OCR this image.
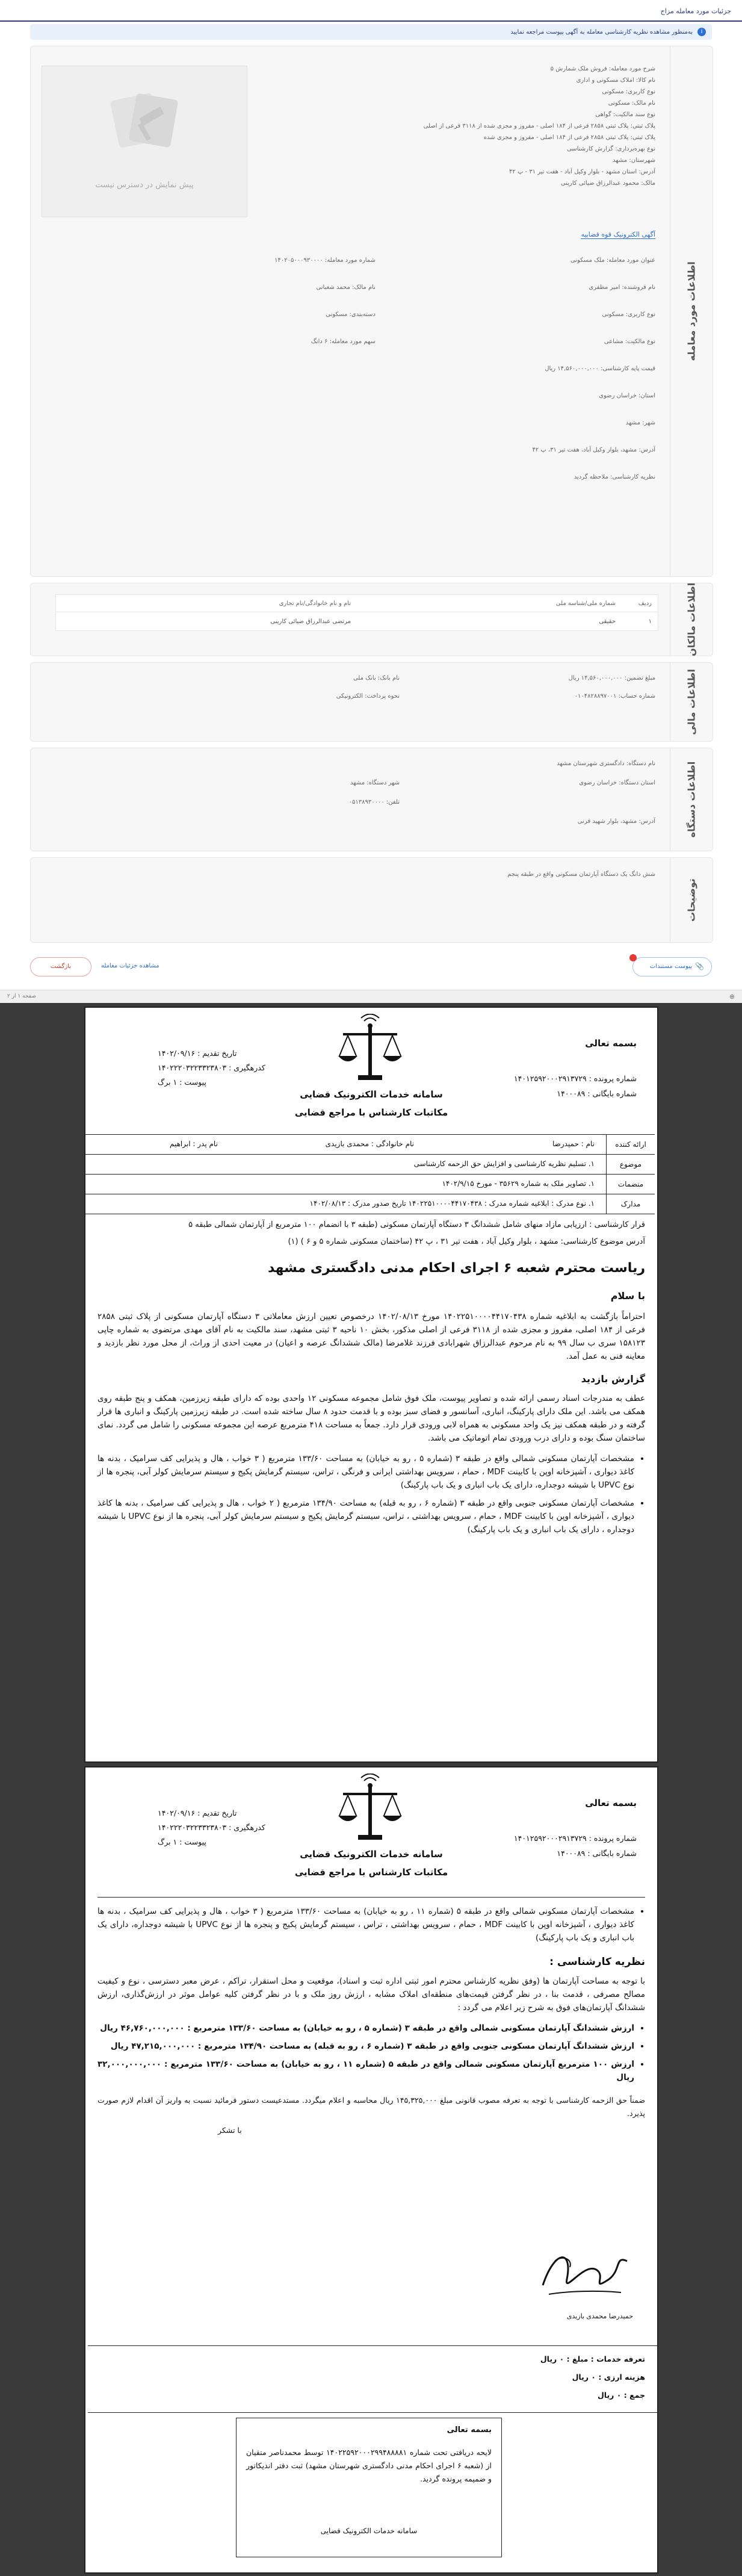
جزئیات مورد معامله مزاج
i
به‌منظور مشاهده نظریه کارشناسی معامله به آگهی پیوست مراجعه نمایید
اطلاعات مورد معامله
پیش نمایش در دسترس نیست
شرح مورد معامله: فروش ملک شمارش ۵
نام کالا: املاک مسکونی و اداری
نوع کاربری: مسکونی
نام مالک: مسکونی
نوع سند مالکیت: گواهی
پلاک ثبتی: پلاک ثبتی ۲۸۵۸ فرعی از ۱۸۴ اصلی - مفروز و مجزی شده از ۳۱۱۸ فرعی از اصلی
پلاک ثبتی: پلاک ثبتی ۲۸۵۸ فرعی از ۱۸۴ اصلی - مفروز و مجزی شده
نوع بهره‌برداری: گزارش کارشناسی
شهرستان: مشهد
آدرس: استان مشهد - بلوار وکیل آباد - هفت تیر ۳۱ - پ ۴۲
مالک: محمود عبدالرزاق ضیائی کارینی
آگهی الکترونیک قوه قضاییه
عنوان مورد معامله: ملک مسکونی
نام فروشنده: امیر مظفری
نوع کاربری: مسکونی
نوع مالکیت: مشاعی
قیمت پایه کارشناسی: ۱۴,۵۶۰,۰۰۰,۰۰۰ ریال
استان: خراسان رضوی
شهر: مشهد
آدرس: مشهد، بلوار وکیل آباد، هفت تیر ۳۱، پ ۴۲
نظریه کارشناسی: ملاحظه گردید
شماره مورد معامله: ۱۴۰۲۰۵۰۰۰۹۳۰۰۰۰
نام مالک: محمد شعبانی
دسته‌بندی: مسکونی
سهم مورد معامله: ۶ دانگ
اطلاعات مالکان
ردیف
شماره ملی/شناسه ملی
نام و نام خانوادگی/نام تجاری
۱
حقیقی
مرتضی عبدالرزاق ضیائی کارینی
اطلاعات مالی
مبلغ تضمین: ۱۴,۵۶۰,۰۰۰,۰۰۰ ریال
شماره حساب: ۰۱۰۴۸۲۸۸۹۷۰۰۱
نام بانک: بانک ملی
نحوه پرداخت: الکترونیکی
اطلاعات دستگاه
نام دستگاه: دادگستری شهرستان مشهد
استان دستگاه: خراسان رضوی
شهر دستگاه: مشهد
تلفن: ۰۵۱۳۸۹۳۰۰۰۰
آدرس: مشهد، بلوار شهید قرنی
توضیحات
شش دانگ یک دستگاه آپارتمان مسکونی واقع در طبقه پنجم
📎
پیوست مستندات
بازگشت	مشاهده جزئیات معامله
صفحه ۱ از ۲	⊕
بسمه تعالی
شماره پرونده : ۱۴۰۱۲۵۹۲۰۰۰۲۹۱۳۷۲۹
شماره بایگانی : ۱۴۰۰۰۸۹
سامانه خدمات الکترونیک قضایی
مکاتبات کارشناس با مراجع قضایی
تاریخ تقدیم : ۱۴۰۲/۰۹/۱۶
کدرهگیری : ۱۴۰۲۲۲۰۳۲۲۳۳۲۳۸۰۳
پیوست : ۱ برگ
ارائه کننده
نام : حمیدرضا
نام خانوادگی : محمدی بازیدی
نام پدر : ابراهیم
موضوع
۱. تسلیم نظریه کارشناسی و افزایش حق الزحمه کارشناسی
منضمات
۱. تصاویر ملک به شماره ۳۵۶۲۹ - مورخ ۱۴۰۲/۹/۱۵
مدارک
۱. نوع مدرک : ابلاغیه شماره مدرک : ۱۴۰۲۲۵۱۰۰۰۰۴۴۱۷۰۴۳۸ تاریخ صدور مدرک : ۱۴۰۲/۰۸/۱۳

قرار کارشناسی : ارزیابی مازاد منهای شامل ششدانگ ۳ دستگاه آپارتمان مسکونی (طبقه ۳ با انضمام ۱۰۰ مترمربع از آپارتمان شمالی طبقه ۵

آدرس موضوع کارشناسی: مشهد ، بلوار وکیل آباد ، هفت تیر ۳۱ ، پ ۴۲ (ساختمان مسکونی شماره ۵ و ۶ ) (۱)

ریاست محترم شعبه ۶ اجرای احکام مدنی دادگستری مشهد

با سلام

احتراماً بازگشت به ابلاغیه شماره ۱۴۰۲۲۵۱۰۰۰۰۴۴۱۷۰۴۳۸ مورخ ۱۴۰۲/۰۸/۱۳ درخصوص تعیین ارزش معاملاتی ۳ دستگاه آپارتمان مسکونی از پلاک ثبتی ۲۸۵۸ فرعی از ۱۸۴ اصلی، مفروز و مجزی شده از ۳۱۱۸ فرعی از اصلی مذکور، بخش ۱۰ ناحیه ۳ ثبتی مشهد، سند مالکیت به نام آقای مهدی مرتضوی به شماره چاپی ۱۵۸۱۲۳ سری ب سال ۹۹ به نام مرحوم عبدالرزاق شهرابادی فرزند غلامرضا (مالک ششدانگ عرصه و اعیان) در معیت احدی از وراث، از محل مورد نظر بازدید و معاینه فنی به عمل آمد.

گزارش بازدید

عطف به مندرجات اسناد رسمی ارائه شده و تصاویر پیوست، ملک فوق شامل مجموعه مسکونی ۱۲ واحدی بوده که دارای طبقه زیرزمین، همکف و پنج طبقه روی همکف می باشد. این ملک دارای پارکینگ، انباری، آسانسور و فضای سبز بوده و با قدمت حدود ۸ سال ساخته شده است. در طبقه زیرزمین پارکینگ و انباری ها قرار گرفته و در طبقه همکف نیز یک واحد مسکونی به همراه لابی ورودی قرار دارد. جمعاً به مساحت ۴۱۸ مترمربع عرصه این مجموعه مسکونی را شامل می گردد. نمای ساختمان سنگ بوده و دارای درب ورودی تمام اتوماتیک می باشد.

• مشخصات آپارتمان مسکونی شمالی واقع در طبقه ۳ (شماره ۵ ، رو به خیابان) به مساحت ۱۳۳/۶۰ مترمربع ( ۳ خواب ، هال و پذیرایی کف سرامیک ، بدنه ها کاغذ دیواری ، آشپزخانه اوپن با کابینت MDF ، حمام ، سرویس بهداشتی ایرانی و فرنگی ، تراس، سیستم گرمایش پکیج و سیستم سرمایش کولر آبی، پنجره ها از نوع UPVC با شیشه دوجداره، دارای یک باب انباری و یک باب پارکینگ)

• مشخصات آپارتمان مسکونی جنوبی واقع در طبقه ۳ (شماره ۶ ، رو به قبله) به مساحت ۱۳۴/۹۰ مترمربع ( ۲ خواب ، هال و پذیرایی کف سرامیک ، بدنه ها کاغذ دیواری ، آشپزخانه اوپن با کابینت MDF ، حمام ، سرویس بهداشتی ، تراس، سیستم گرمایش پکیج و سیستم سرمایش کولر آبی، پنجره ها از نوع UPVC با شیشه دوجداره ، دارای یک باب انباری و یک باب پارکینگ)

بسمه تعالی
شماره پرونده : ۱۴۰۱۲۵۹۲۰۰۰۲۹۱۳۷۲۹
شماره بایگانی : ۱۴۰۰۰۸۹
سامانه خدمات الکترونیک قضایی
مکاتبات کارشناس با مراجع قضایی
تاریخ تقدیم : ۱۴۰۲/۰۹/۱۶
کدرهگیری : ۱۴۰۲۲۲۰۳۲۲۳۳۲۳۸۰۳
پیوست : ۱ برگ

• مشخصات آپارتمان مسکونی شمالی واقع در طبقه ۵ (شماره ۱۱ ، رو به خیابان) به مساحت ۱۳۳/۶۰ مترمربع ( ۳ خواب ، هال و پذیرایی کف سرامیک ، بدنه ها کاغذ دیواری ، آشپزخانه اوپن با کابینت MDF ، حمام ، سرویس بهداشتی ، تراس ، سیستم گرمایش پکیج و پنجره ها از نوع UPVC با شیشه دوجداره، دارای یک باب انباری و یک باب پارکینگ)

نظریه کارشناسی :

با توجه به مساحت آپارتمان ها (وفق نظریه کارشناس محترم امور ثبتی اداره ثبت و اسناد)، موقعیت و محل استقرار، تراکم ، عرض معبر دسترسی ، نوع و کیفیت مصالح مصرفی ، قدمت بنا ، در نظر گرفتن قیمت‌های منطقه‌ای املاک مشابه ، ارزش روز ملک و با در نظر گرفتن کلیه عوامل موثر در ارزش‌گذاری، ارزش ششدانگ آپارتمان‌های فوق به شرح زیر اعلام می گردد :

• ارزش ششدانگ آپارتمان مسکونی شمالی واقع در طبقه ۳ (شماره ۵ ، رو به خیابان) به مساحت ۱۳۳/۶۰ مترمربع : ۴۶,۷۶۰,۰۰۰,۰۰۰ ریال

• ارزش ششدانگ آپارتمان مسکونی جنوبی واقع در طبقه ۳ (شماره ۶ ، رو به قبله) به مساحت ۱۳۴/۹۰ مترمربع : ۴۷,۲۱۵,۰۰۰,۰۰۰ ریال

• ارزش ۱۰۰ مترمربع آپارتمان مسکونی شمالی واقع در طبقه ۵ (شماره ۱۱ ، رو به خیابان) به مساحت ۱۳۳/۶۰ مترمربع : ۳۲,۰۰۰,۰۰۰,۰۰۰ ریال

ضمناً حق الزحمه کارشناسی با توجه به تعرفه مصوب قانونی مبلغ ۱۴۵,۳۲۵,۰۰۰ ریال محاسبه و اعلام میگردد. مستدعیست دستور فرمائید نسبت به واریز آن اقدام لازم صورت پذیرد.

با تشکر

حمیدرضا محمدی بازیدی
تعرفه خدمات : مبلغ : ۰ ریال
هزینه ارزی : ۰ ریال
جمع : ۰ ریال
بسمه تعالی

لایحه دریافتی تحت شماره ۱۴۰۲۲۵۹۲۰۰۰۲۹۹۴۸۸۸۸۱ توسط محمدناصر متقیان از (شعبه ۶ اجرای احکام مدنی دادگستری شهرستان مشهد) ثبت دفتر اندیکاتور و ضمیمه پرونده گردید.

سامانه خدمات الکترونیک قضایی
